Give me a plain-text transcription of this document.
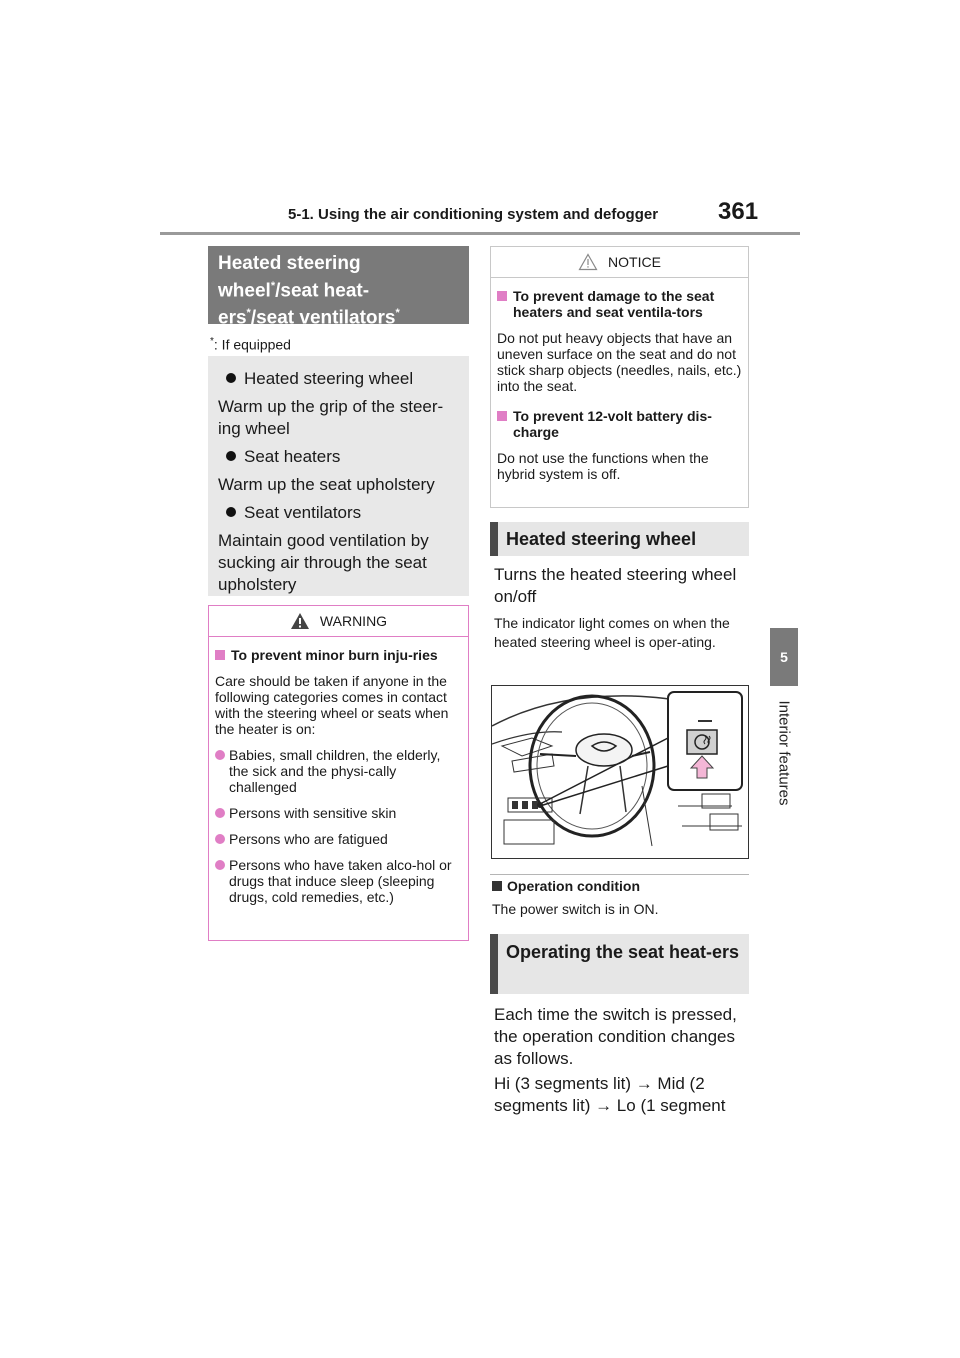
5-1. Using the air conditioning system and defogger 361
5
Interior features
Heated steering wheel*/seat heat-
ers*/seat ventilators*
*: If equipped
Heated steering wheel
Warm up the grip of the steer-ing wheel
Seat heaters
Warm up the seat upholstery
Seat ventilators
Maintain good ventilation by sucking air through the seat upholstery
WARNING
To prevent minor burn inju-ries
Care should be taken if anyone in the following categories comes in contact with the steering wheel or seats when the heater is on:
Babies, small children, the elderly, the sick and the physi-cally challenged
Persons with sensitive skin
Persons who are fatigued
Persons who have taken alco-hol or drugs that induce sleep (sleeping drugs, cold remedies, etc.)
NOTICE
To prevent damage to the seat heaters and seat ventila-tors
Do not put heavy objects that have an uneven surface on the seat and do not stick sharp objects (needles, nails, etc.) into the seat.
To prevent 12-volt battery dis-charge
Do not use the functions when the hybrid system is off.
Heated steering wheel
Turns the heated steering wheel on/off
The indicator light comes on when the heated steering wheel is oper-ating.
Operation condition
The power switch is in ON.
Operating the seat heat-ers
Each time the switch is pressed, the operation condition changes as follows.
Hi (3 segments lit) → Mid (2 segments lit) → Lo (1 segment
